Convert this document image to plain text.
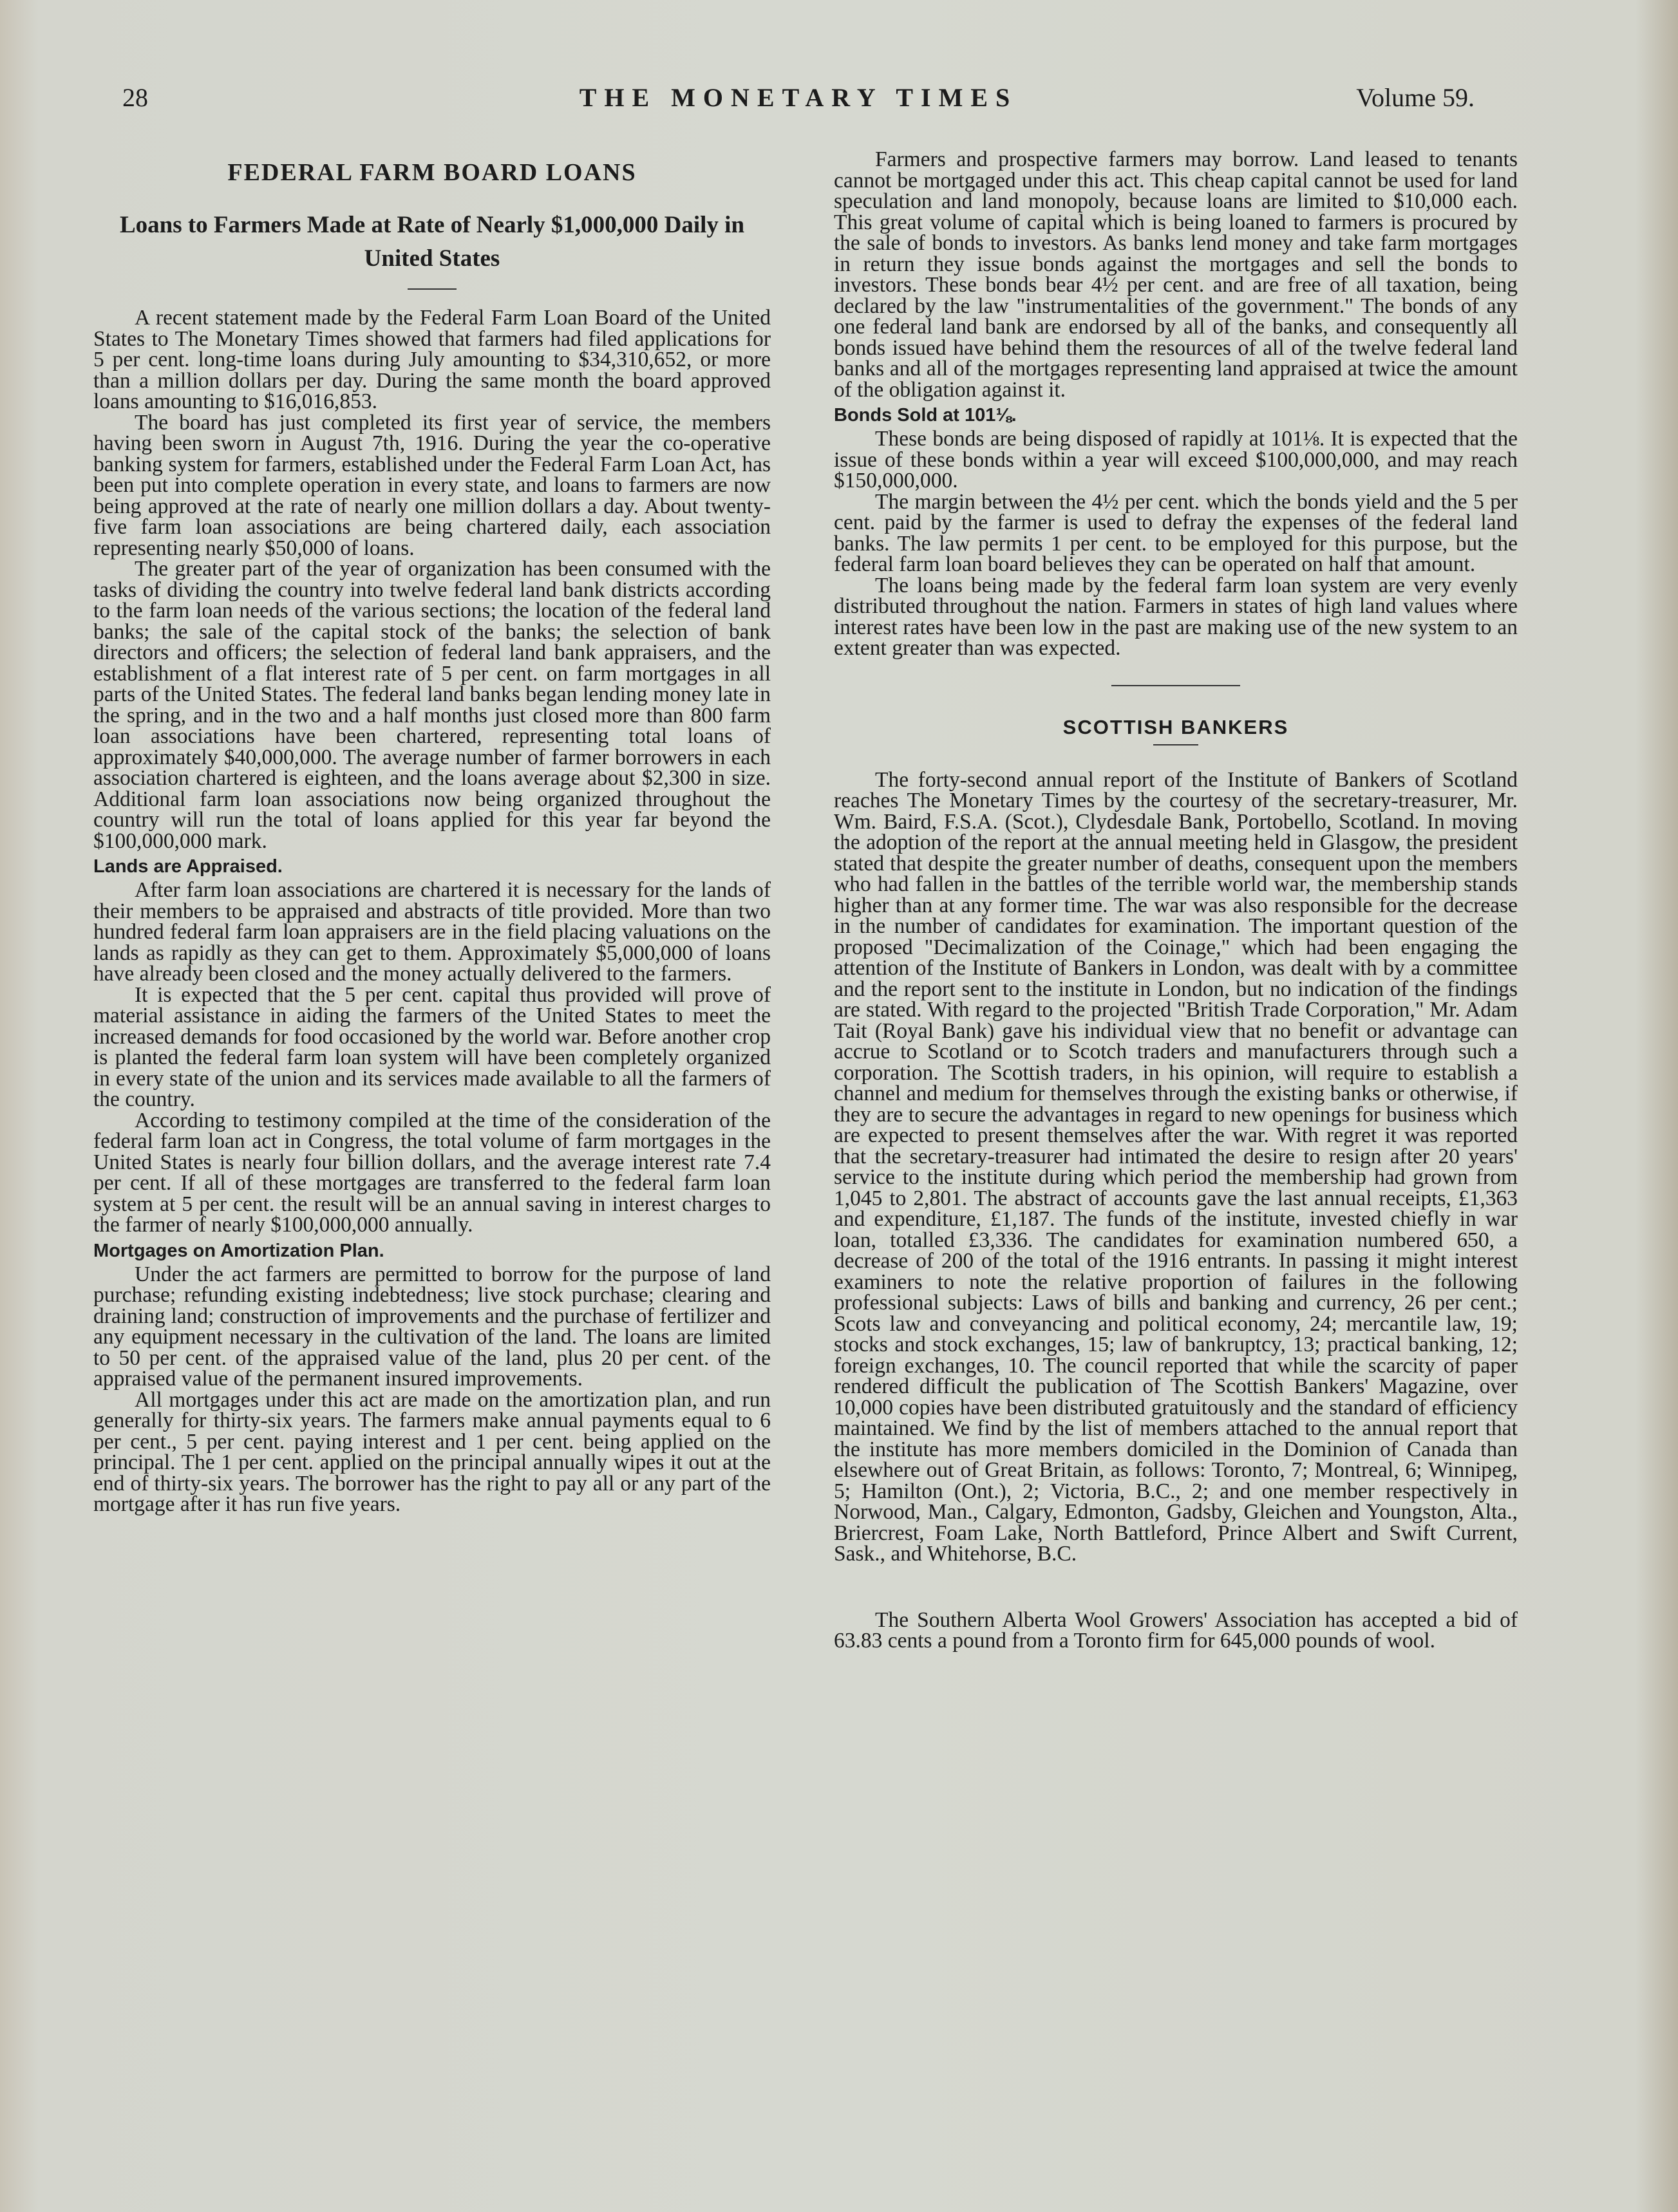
28	THE MONETARY TIMES	Volume 59.
FEDERAL FARM BOARD LOANS
Loans to Farmers Made at Rate of Nearly $1,000,000 Daily in United States

A recent statement made by the Federal Farm Loan Board of the United States to The Monetary Times showed that farmers had filed applications for 5 per cent. long-time loans during July amounting to $34,310,652, or more than a million dollars per day. During the same month the board approved loans amounting to $16,016,853.

The board has just completed its first year of service, the members having been sworn in August 7th, 1916. During the year the co-operative banking system for farmers, established under the Federal Farm Loan Act, has been put into complete operation in every state, and loans to farmers are now being approved at the rate of nearly one million dollars a day. About twenty-five farm loan associations are being chartered daily, each association representing nearly $50,000 of loans.

The greater part of the year of organization has been consumed with the tasks of dividing the country into twelve federal land bank districts according to the farm loan needs of the various sections; the location of the federal land banks; the sale of the capital stock of the banks; the selection of bank directors and officers; the selection of federal land bank appraisers, and the establishment of a flat interest rate of 5 per cent. on farm mortgages in all parts of the United States. The federal land banks began lending money late in the spring, and in the two and a half months just closed more than 800 farm loan associations have been chartered, representing total loans of approximately $40,000,000. The average number of farmer borrowers in each association chartered is eighteen, and the loans average about $2,300 in size. Additional farm loan associations now being organized throughout the country will run the total of loans applied for this year far beyond the $100,000,000 mark.

Lands are Appraised.

After farm loan associations are chartered it is necessary for the lands of their members to be appraised and abstracts of title provided. More than two hundred federal farm loan appraisers are in the field placing valuations on the lands as rapidly as they can get to them. Approximately $5,000,000 of loans have already been closed and the money actually delivered to the farmers.

It is expected that the 5 per cent. capital thus provided will prove of material assistance in aiding the farmers of the United States to meet the increased demands for food occasioned by the world war. Before another crop is planted the federal farm loan system will have been completely organized in every state of the union and its services made available to all the farmers of the country.

According to testimony compiled at the time of the consideration of the federal farm loan act in Congress, the total volume of farm mortgages in the United States is nearly four billion dollars, and the average interest rate 7.4 per cent. If all of these mortgages are transferred to the federal farm loan system at 5 per cent. the result will be an annual saving in interest charges to the farmer of nearly $100,000,000 annually.

Mortgages on Amortization Plan.

Under the act farmers are permitted to borrow for the purpose of land purchase; refunding existing indebtedness; live stock purchase; clearing and draining land; construction of improvements and the purchase of fertilizer and any equipment necessary in the cultivation of the land. The loans are limited to 50 per cent. of the appraised value of the land, plus 20 per cent. of the appraised value of the permanent insured improvements.

All mortgages under this act are made on the amortization plan, and run generally for thirty-six years. The farmers make annual payments equal to 6 per cent., 5 per cent. paying interest and 1 per cent. being applied on the principal. The 1 per cent. applied on the principal annually wipes it out at the end of thirty-six years. The borrower has the right to pay all or any part of the mortgage after it has run five years.

Farmers and prospective farmers may borrow. Land leased to tenants cannot be mortgaged under this act. This cheap capital cannot be used for land speculation and land monopoly, because loans are limited to $10,000 each. This great volume of capital which is being loaned to farmers is procured by the sale of bonds to investors. As banks lend money and take farm mortgages in return they issue bonds against the mortgages and sell the bonds to investors. These bonds bear 4½ per cent. and are free of all taxation, being declared by the law "instrumentalities of the government." The bonds of any one federal land bank are endorsed by all of the banks, and consequently all bonds issued have behind them the resources of all of the twelve federal land banks and all of the mortgages representing land appraised at twice the amount of the obligation against it.

Bonds Sold at 101⅛.

These bonds are being disposed of rapidly at 101⅛. It is expected that the issue of these bonds within a year will exceed $100,000,000, and may reach $150,000,000.

The margin between the 4½ per cent. which the bonds yield and the 5 per cent. paid by the farmer is used to defray the expenses of the federal land banks. The law permits 1 per cent. to be employed for this purpose, but the federal farm loan board believes they can be operated on half that amount.

The loans being made by the federal farm loan system are very evenly distributed throughout the nation. Farmers in states of high land values where interest rates have been low in the past are making use of the new system to an extent greater than was expected.

SCOTTISH BANKERS

The forty-second annual report of the Institute of Bankers of Scotland reaches The Monetary Times by the courtesy of the secretary-treasurer, Mr. Wm. Baird, F.S.A. (Scot.), Clydesdale Bank, Portobello, Scotland. In moving the adoption of the report at the annual meeting held in Glasgow, the president stated that despite the greater number of deaths, consequent upon the members who had fallen in the battles of the terrible world war, the membership stands higher than at any former time. The war was also responsible for the decrease in the number of candidates for examination. The important question of the proposed "Decimalization of the Coinage," which had been engaging the attention of the Institute of Bankers in London, was dealt with by a committee and the report sent to the institute in London, but no indication of the findings are stated. With regard to the projected "British Trade Corporation," Mr. Adam Tait (Royal Bank) gave his individual view that no benefit or advantage can accrue to Scotland or to Scotch traders and manufacturers through such a corporation. The Scottish traders, in his opinion, will require to establish a channel and medium for themselves through the existing banks or otherwise, if they are to secure the advantages in regard to new openings for business which are expected to present themselves after the war. With regret it was reported that the secretary-treasurer had intimated the desire to resign after 20 years' service to the institute during which period the membership had grown from 1,045 to 2,801. The abstract of accounts gave the last annual receipts, £1,363 and expenditure, £1,187. The funds of the institute, invested chiefly in war loan, totalled £3,336. The candidates for examination numbered 650, a decrease of 200 of the total of the 1916 entrants. In passing it might interest examiners to note the relative proportion of failures in the following professional subjects: Laws of bills and banking and currency, 26 per cent.; Scots law and conveyancing and political economy, 24; mercantile law, 19; stocks and stock exchanges, 15; law of bankruptcy, 13; practical banking, 12; foreign exchanges, 10. The council reported that while the scarcity of paper rendered difficult the publication of The Scottish Bankers' Magazine, over 10,000 copies have been distributed gratuitously and the standard of efficiency maintained. We find by the list of members attached to the annual report that the institute has more members domiciled in the Dominion of Canada than elsewhere out of Great Britain, as follows: Toronto, 7; Montreal, 6; Winnipeg, 5; Hamilton (Ont.), 2; Victoria, B.C., 2; and one member respectively in Norwood, Man., Calgary, Edmonton, Gadsby, Gleichen and Youngston, Alta., Briercrest, Foam Lake, North Battleford, Prince Albert and Swift Current, Sask., and Whitehorse, B.C.

The Southern Alberta Wool Growers' Association has accepted a bid of 63.83 cents a pound from a Toronto firm for 645,000 pounds of wool.
